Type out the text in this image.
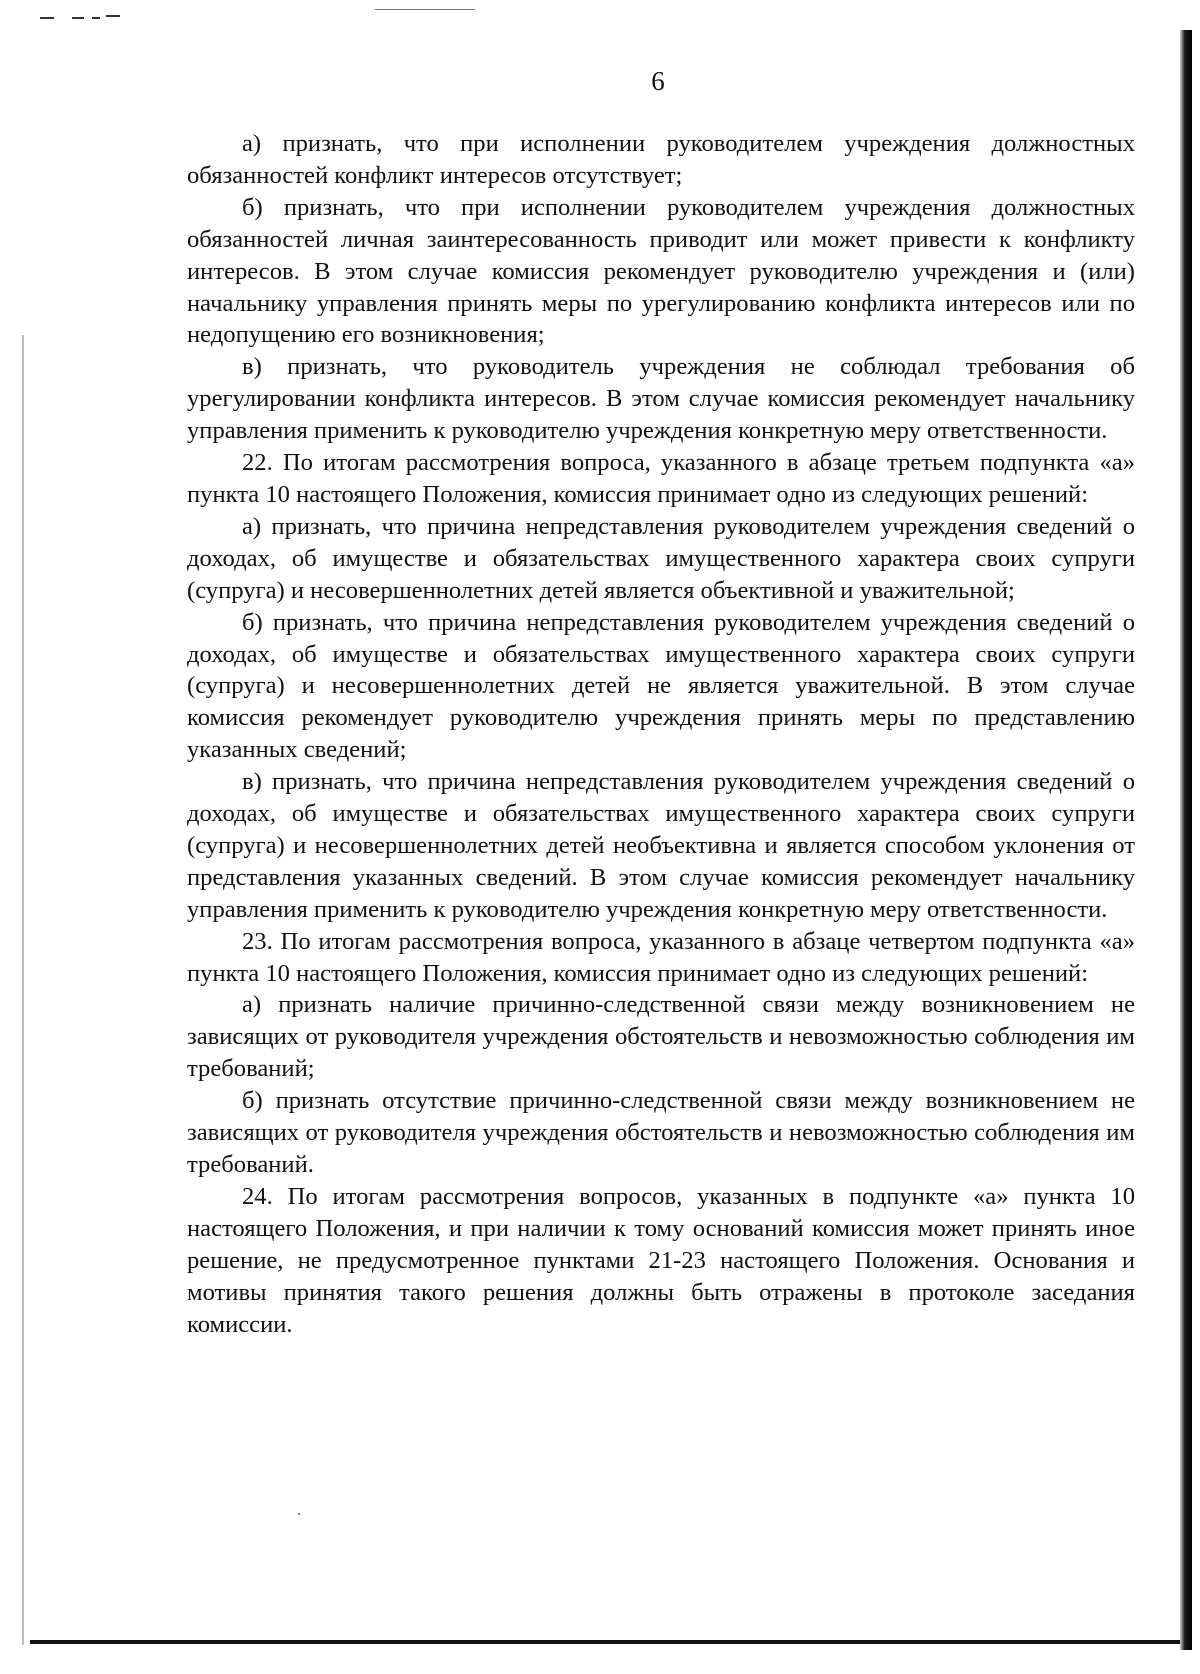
6

а) признать, что при исполнении руководителем учреждения должностных обязанностей конфликт интересов отсутствует;

б) признать, что при исполнении руководителем учреждения должностных обязанностей личная заинтересованность приводит или может привести к конфликту интересов. В этом случае комиссия рекомендует руководителю учреждения и (или) начальнику управления принять меры по урегулированию конфликта интересов или по недопущению его возникновения;

в) признать, что руководитель учреждения не соблюдал требования об урегулировании конфликта интересов. В этом случае комиссия рекомендует начальнику управления применить к руководителю учреждения конкретную меру ответственности.

22. По итогам рассмотрения вопроса, указанного в абзаце третьем подпункта «а» пункта 10 настоящего Положения, комиссия принимает одно из следующих решений:

а) признать, что причина непредставления руководителем учреждения сведений о доходах, об имуществе и обязательствах имущественного характера своих супруги (супруга) и несовершеннолетних детей является объективной и уважительной;

б) признать, что причина непредставления руководителем учреждения сведений о доходах, об имуществе и обязательствах имущественного характера своих супруги (супруга) и несовершеннолетних детей не является уважительной. В этом случае комиссия рекомендует руководителю учреждения принять меры по представлению указанных сведений;

в) признать, что причина непредставления руководителем учреждения сведений о доходах, об имуществе и обязательствах имущественного характера своих супруги (супруга) и несовершеннолетних детей необъективна и является способом уклонения от представления указанных сведений. В этом случае комиссия рекомендует начальнику управления применить к руководителю учреждения конкретную меру ответственности.

23. По итогам рассмотрения вопроса, указанного в абзаце четвертом подпункта «а» пункта 10 настоящего Положения, комиссия принимает одно из следующих решений:

а) признать наличие причинно-следственной связи между возникновением не зависящих от руководителя учреждения обстоятельств и невозможностью соблюдения им требований;

б) признать отсутствие причинно-следственной связи между возникновением не зависящих от руководителя учреждения обстоятельств и невозможностью соблюдения им требований.

24. По итогам рассмотрения вопросов, указанных в подпункте «а» пункта 10 настоящего Положения, и при наличии к тому оснований комиссия может принять иное решение, не предусмотренное пунктами 21-23 настоящего Положения. Основания и мотивы принятия такого решения должны быть отражены в протоколе заседания комиссии.
